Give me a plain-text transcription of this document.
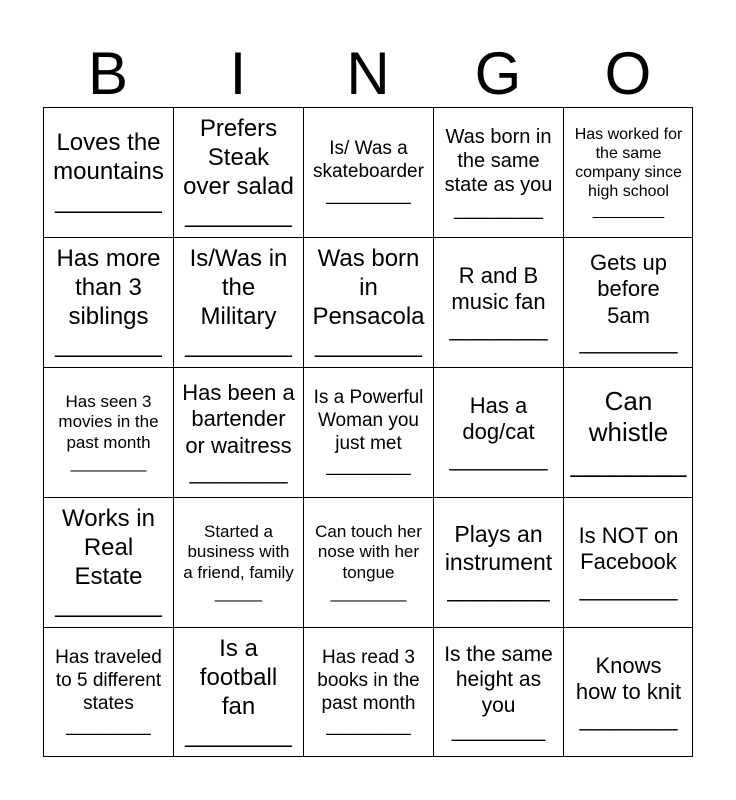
B	I	N	G	O
Loves the
mountains
________
Prefers
Steak
over salad
________
Is/ Was a
skateboarder
________
Was born in
the same
state as you
________
Has worked for
the same
company since
high school
________
Has more
than 3
siblings
________
Is/Was in
the
Military
________
Was born
in
Pensacola
________
R and B
music fan
________
Gets up
before
5am
________
Has seen 3
movies in the
past month
________
Has been a
bartender
or waitress
________
Is a Powerful
Woman you
just met
________
Has a
dog/cat
________
Can
whistle
________
Works in
Real
Estate
________
Started a
business with
a friend, family
_____
Can touch her
nose with her
tongue
________
Plays an
instrument
________
Is NOT on
Facebook
________
Has traveled
to 5 different
states
________
Is a
football
fan
________
Has read 3
books in the
past month
________
Is the same
height as
you
________
Knows
how to knit
________
